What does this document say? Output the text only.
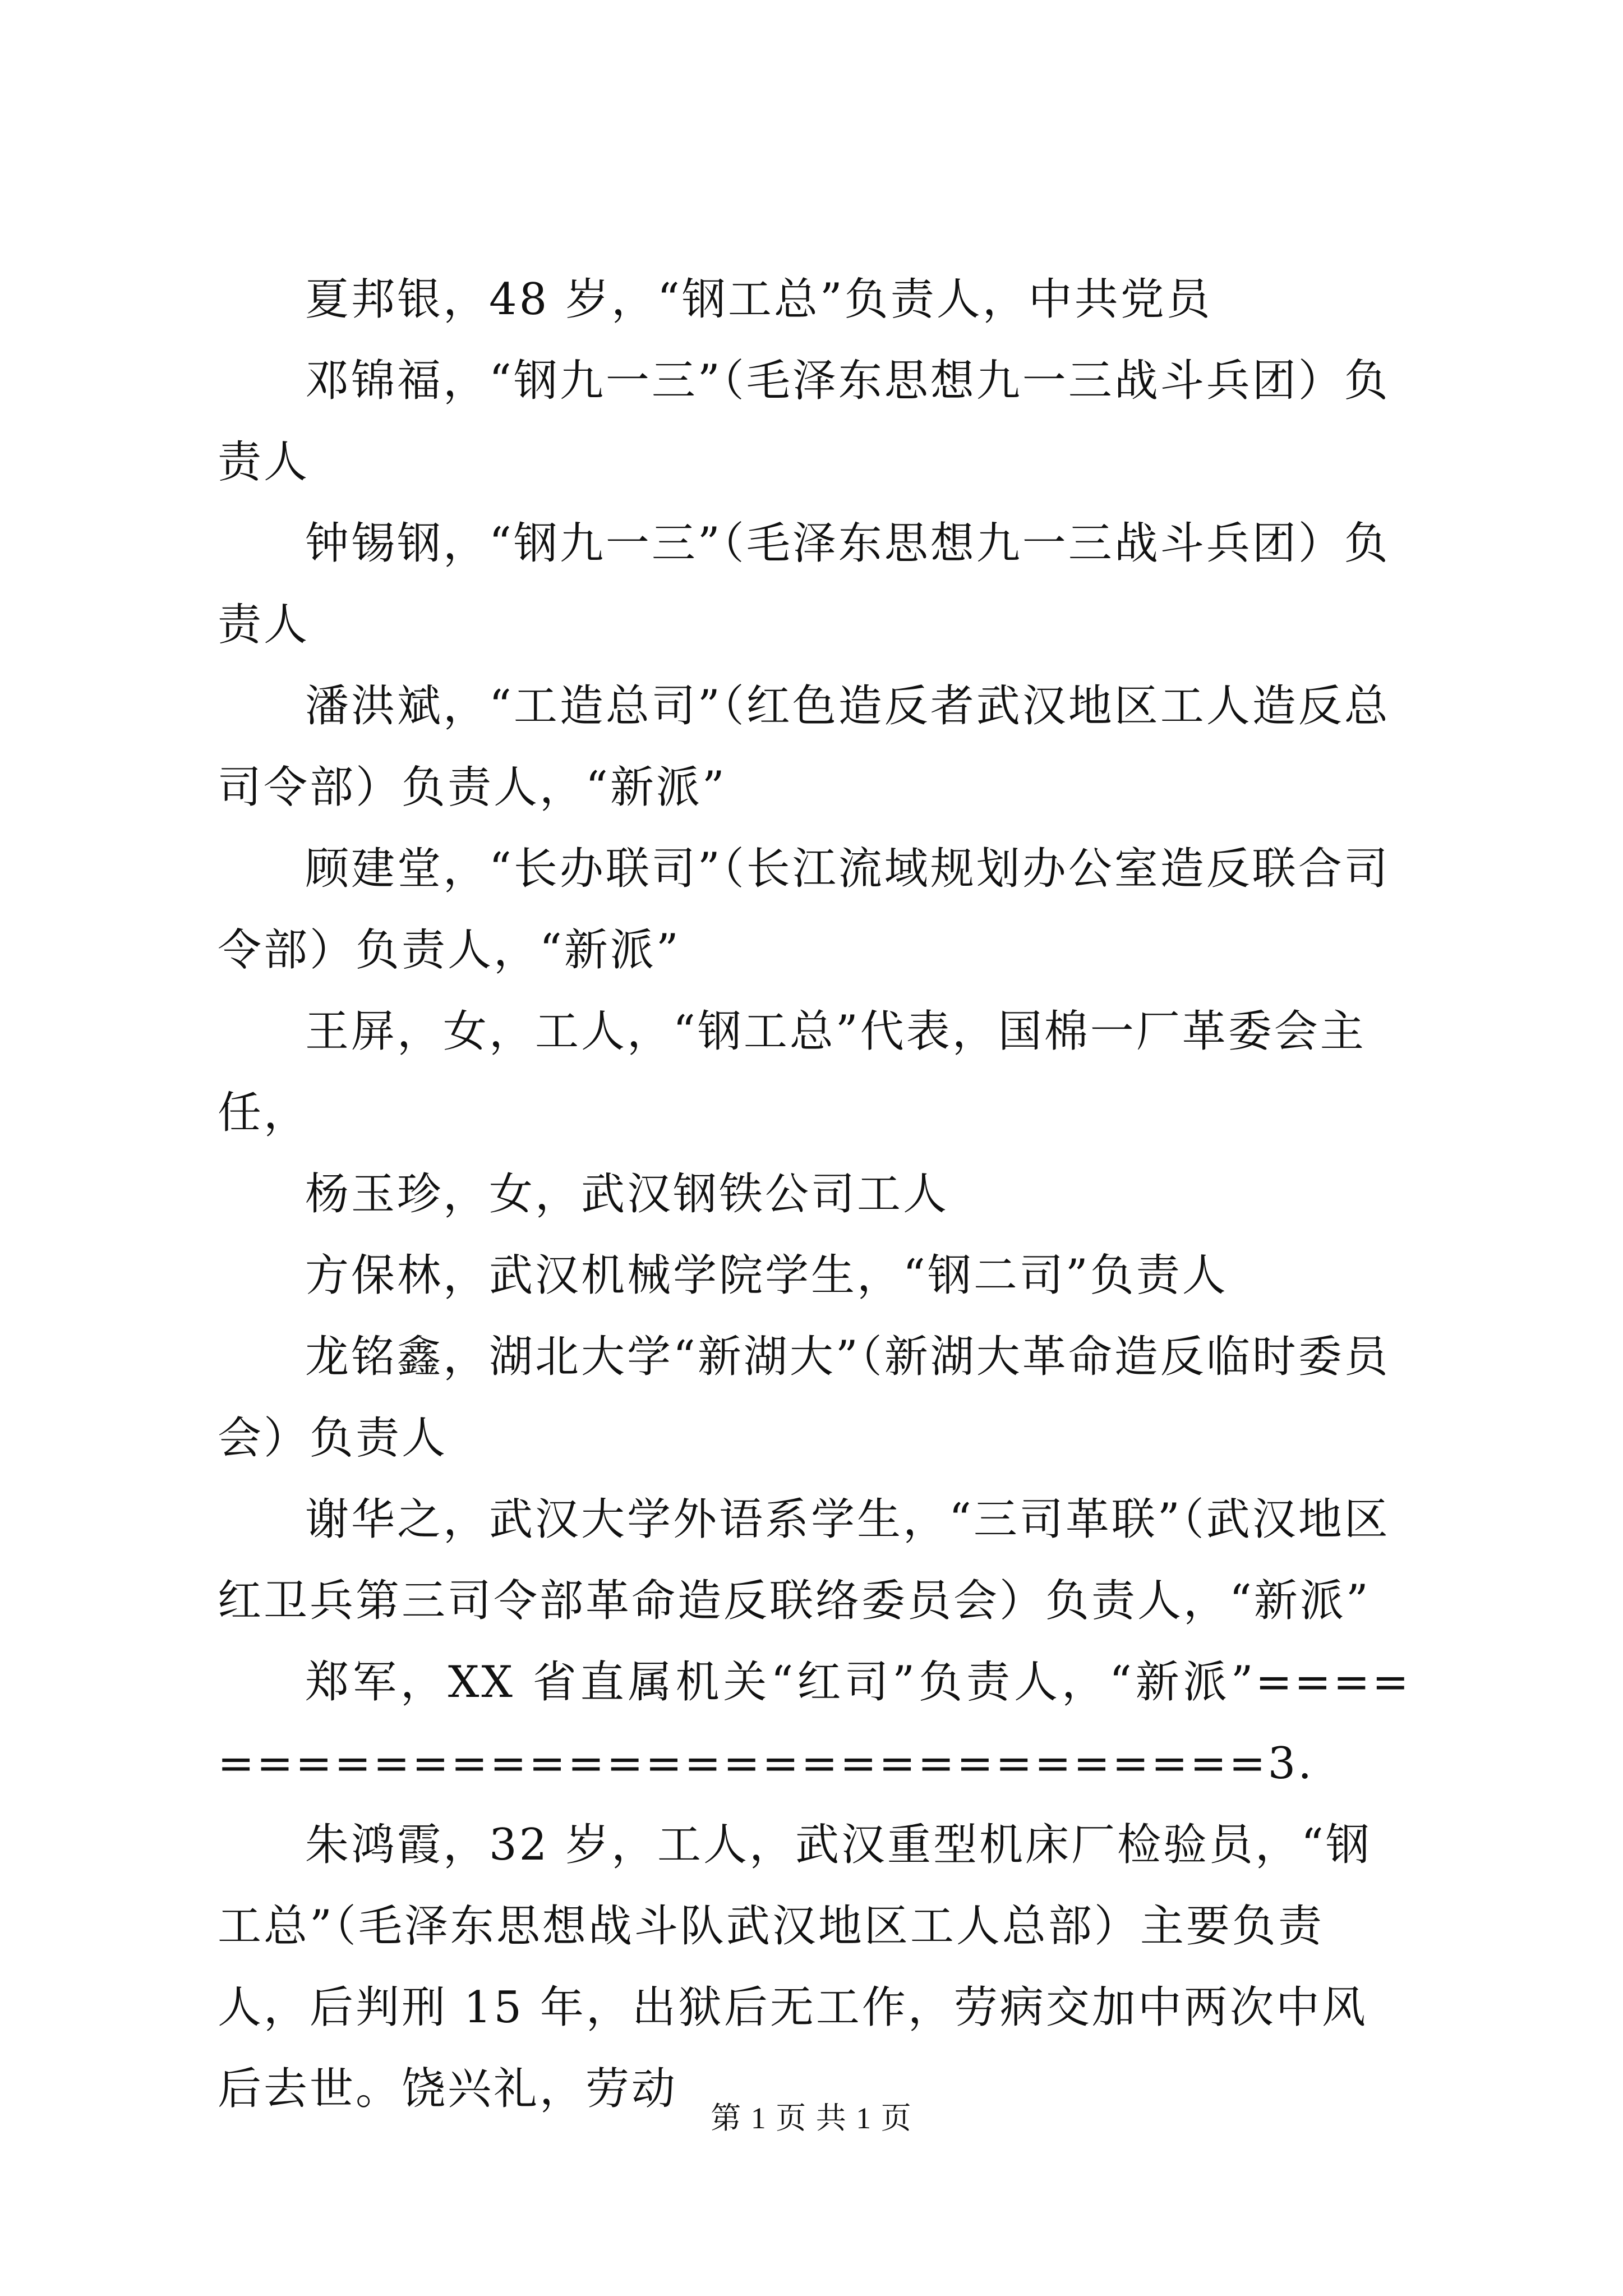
夏邦银，48 岁，“钢工总”负责人，中共党员

邓锦福，“钢九一三”（毛泽东思想九一三战斗兵团）负责人

钟锡钢，“钢九一三”（毛泽东思想九一三战斗兵团）负责人

潘洪斌，“工造总司”（红色造反者武汉地区工人造反总司令部）负责人，“新派”

顾建堂，“长办联司”（长江流域规划办公室造反联合司令部）负责人，“新派”

王屏，女，工人，“钢工总”代表，国棉一厂革委会主任，

杨玉珍，女，武汉钢铁公司工人

方保林，武汉机械学院学生，“钢二司”负责人

龙铭鑫，湖北大学“新湖大”（新湖大革命造反临时委员会）负责人

谢华之，武汉大学外语系学生，“三司革联”（武汉地区红卫兵第三司令部革命造反联络委员会）负责人，“新派”

郑军，XX 省直属机关“红司”负责人，“新派”===============================3.

朱鸿霞，32 岁，工人，武汉重型机床厂检验员，“钢工总”（毛泽东思想战斗队武汉地区工人总部）主要负责人，后判刑 15 年，出狱后无工作，劳病交加中两次中风后去世。饶兴礼，劳动

第 1 页 共 1 页
